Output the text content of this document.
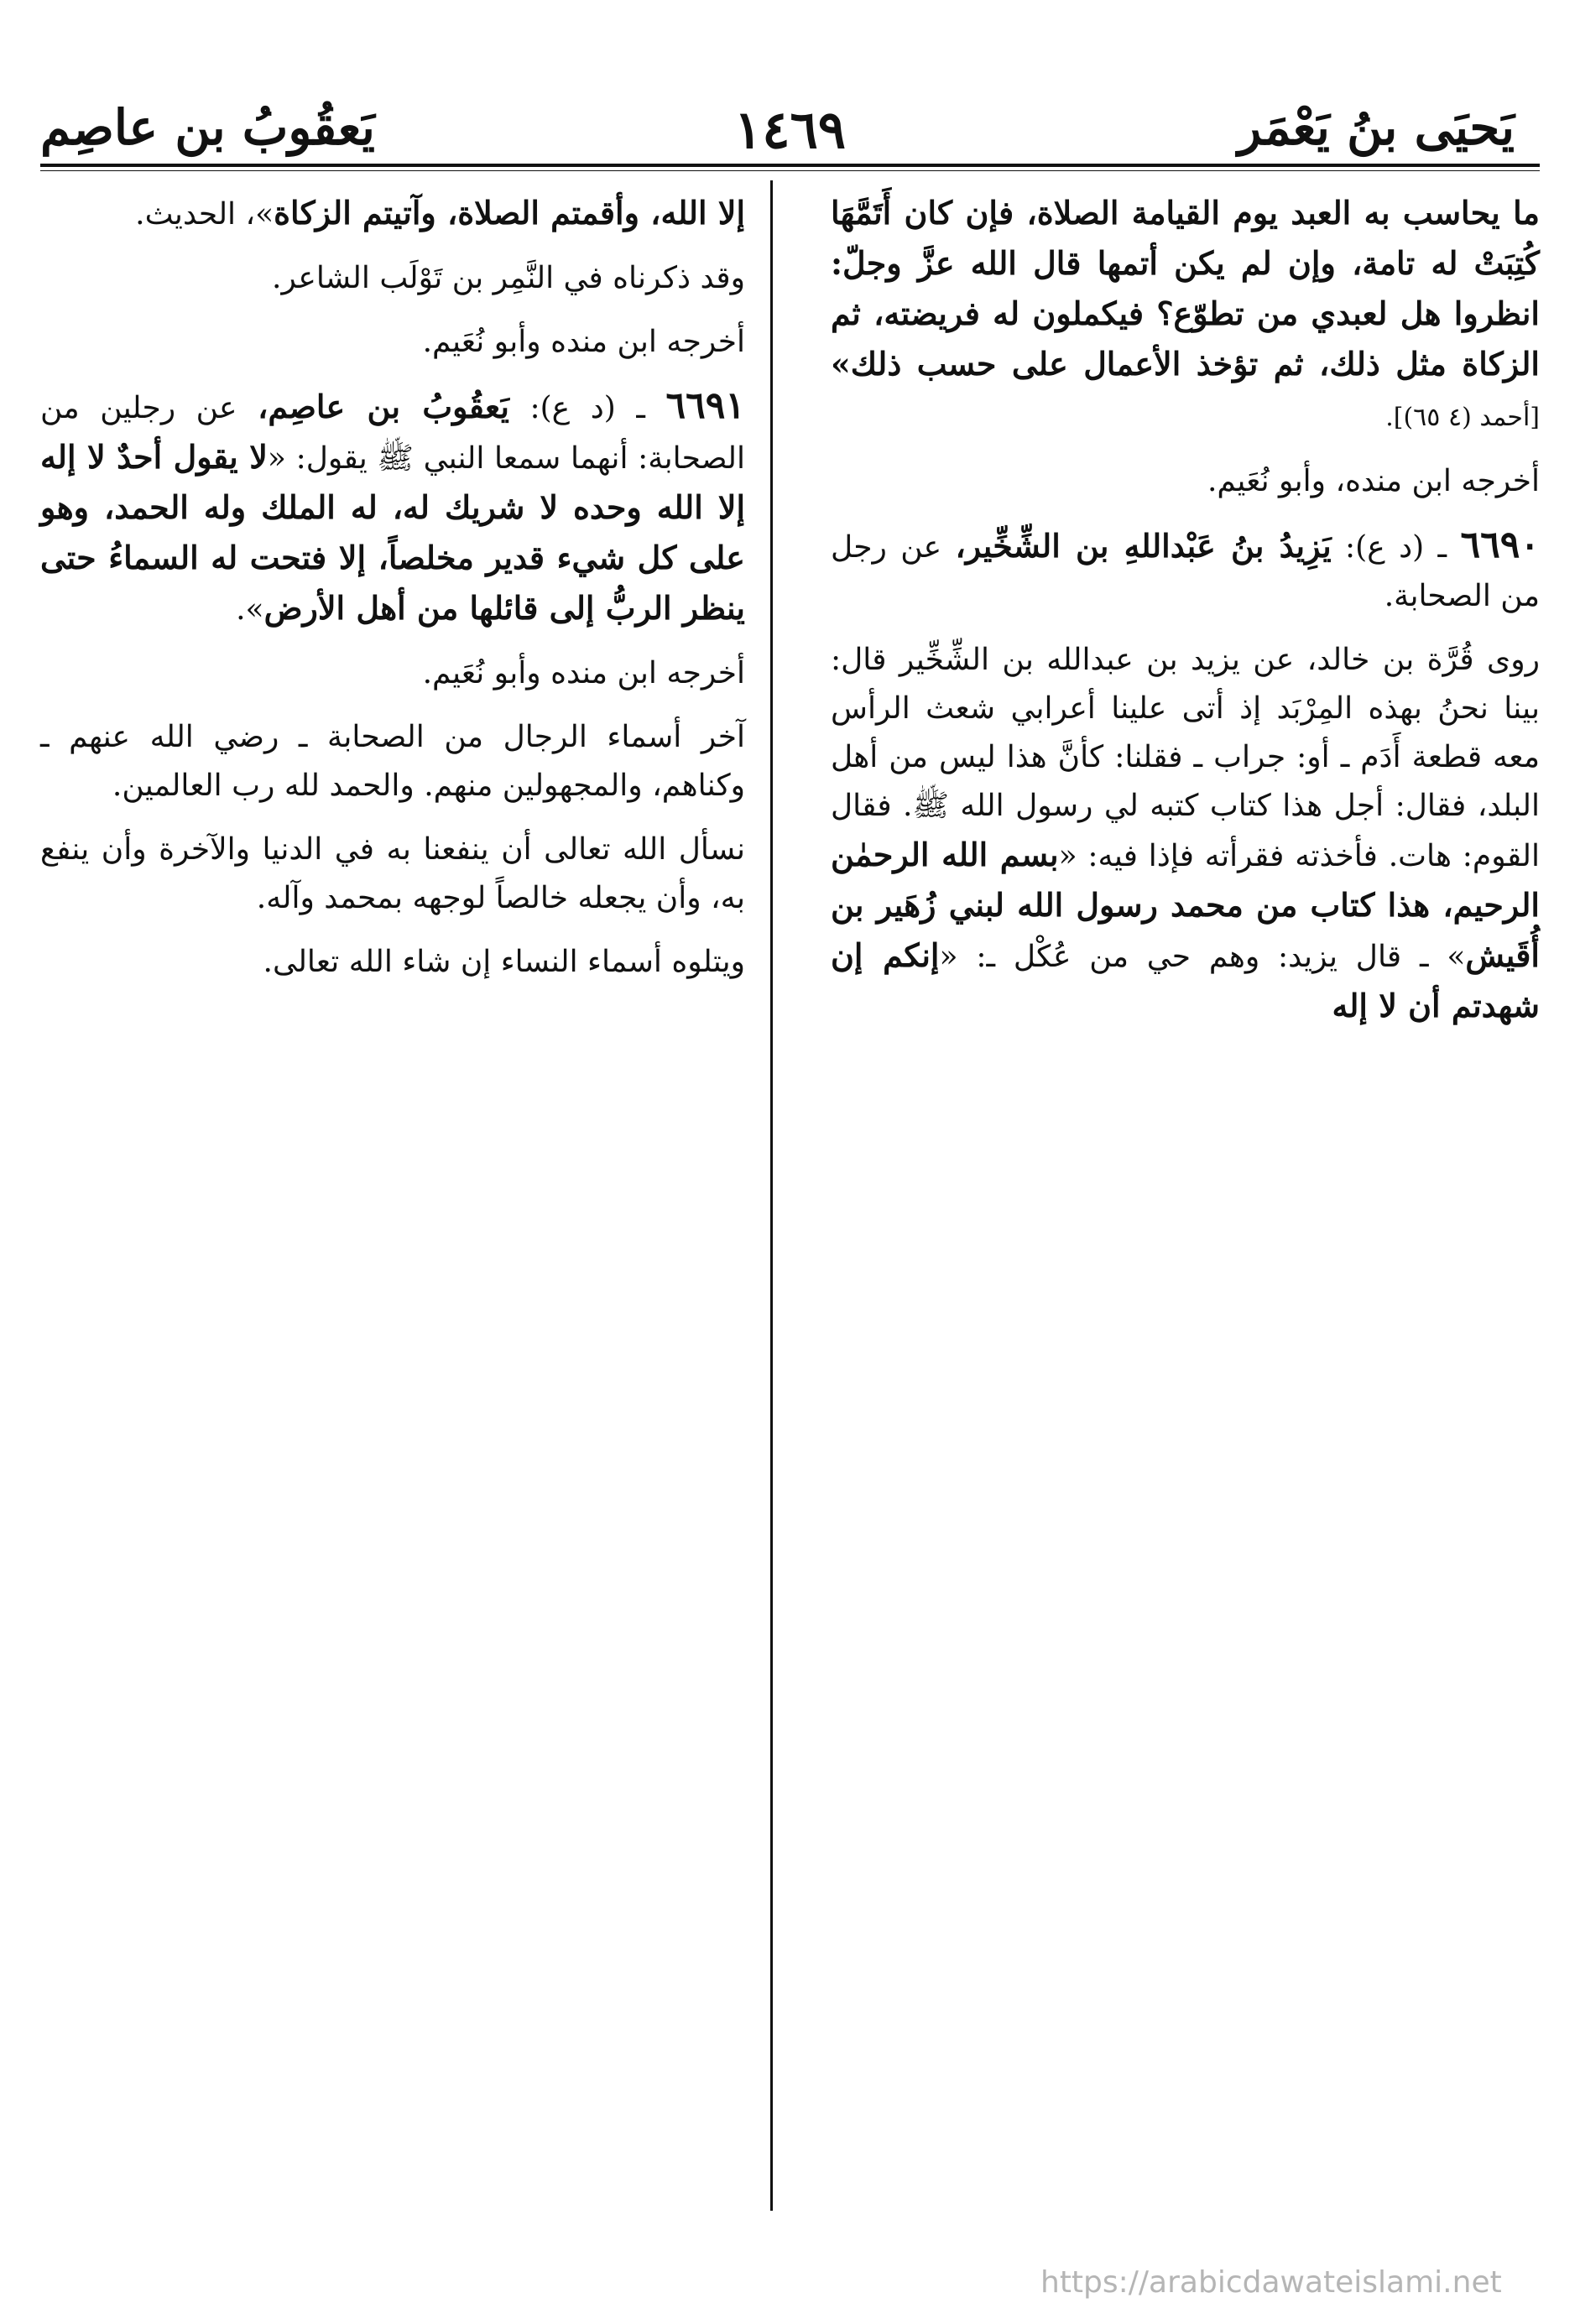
يَحيَى بنُ يَعْمَر
١٤٦٩
يَعقُوبُ بن عاصِم

ما يحاسب به العبد يوم القيامة الصلاة، فإن كان أَتَمَّهَا كُتِبَتْ له تامة، وإن لم يكن أتمها قال الله عزَّ وجلّ: انظروا هل لعبدي من تطوّع؟ فيكملون له فريضته، ثم الزكاة مثل ذلك، ثم تؤخذ الأعمال على حسب ذلك» [أحمد (٤ ٦٥)].

أخرجه ابن منده، وأبو نُعَيم.

٦٦٩٠ ـ (د ع): يَزِيدُ بنُ عَبْداللهِ بن الشِّخِّير، عن رجل من الصحابة.

روى قُرَّة بن خالد، عن يزيد بن عبدالله بن الشِّخِّير قال: بينا نحنُ بهذه المِرْبَد إذ أتى علينا أعرابي شعث الرأس معه قطعة أَدَم ـ أو: جراب ـ فقلنا: كأنَّ هذا ليس من أهل البلد، فقال: أجل هذا كتاب كتبه لي رسول الله ﷺ. فقال القوم: هات. فأخذته فقرأته فإذا فيه: «بسم الله الرحمٰن الرحيم، هذا كتاب من محمد رسول الله لبني زُهَير بن أُقَيش» ـ قال يزيد: وهم حي من عُكْل ـ: «إنكم إن شهدتم أن لا إله

إلا الله، وأقمتم الصلاة، وآتيتم الزكاة»، الحديث.

وقد ذكرناه في النَّمِر بن تَوْلَب الشاعر.

أخرجه ابن منده وأبو نُعَيم.

٦٦٩١ ـ (د ع): يَعقُوبُ بن عاصِم، عن رجلين من الصحابة: أنهما سمعا النبي ﷺ يقول: «لا يقول أحدٌ لا إله إلا الله وحده لا شريك له، له الملك وله الحمد، وهو على كل شيء قدير مخلصاً، إلا فتحت له السماءُ حتى ينظر الربُّ إلى قائلها من أهل الأرض».

أخرجه ابن منده وأبو نُعَيم.

آخر أسماء الرجال من الصحابة ـ رضي الله عنهم ـ وكناهم، والمجهولين منهم. والحمد لله رب العالمين.

نسأل الله تعالى أن ينفعنا به في الدنيا والآخرة وأن ينفع به، وأن يجعله خالصاً لوجهه بمحمد وآله.

ويتلوه أسماء النساء إن شاء الله تعالى.

https://arabicdawateislami.net
